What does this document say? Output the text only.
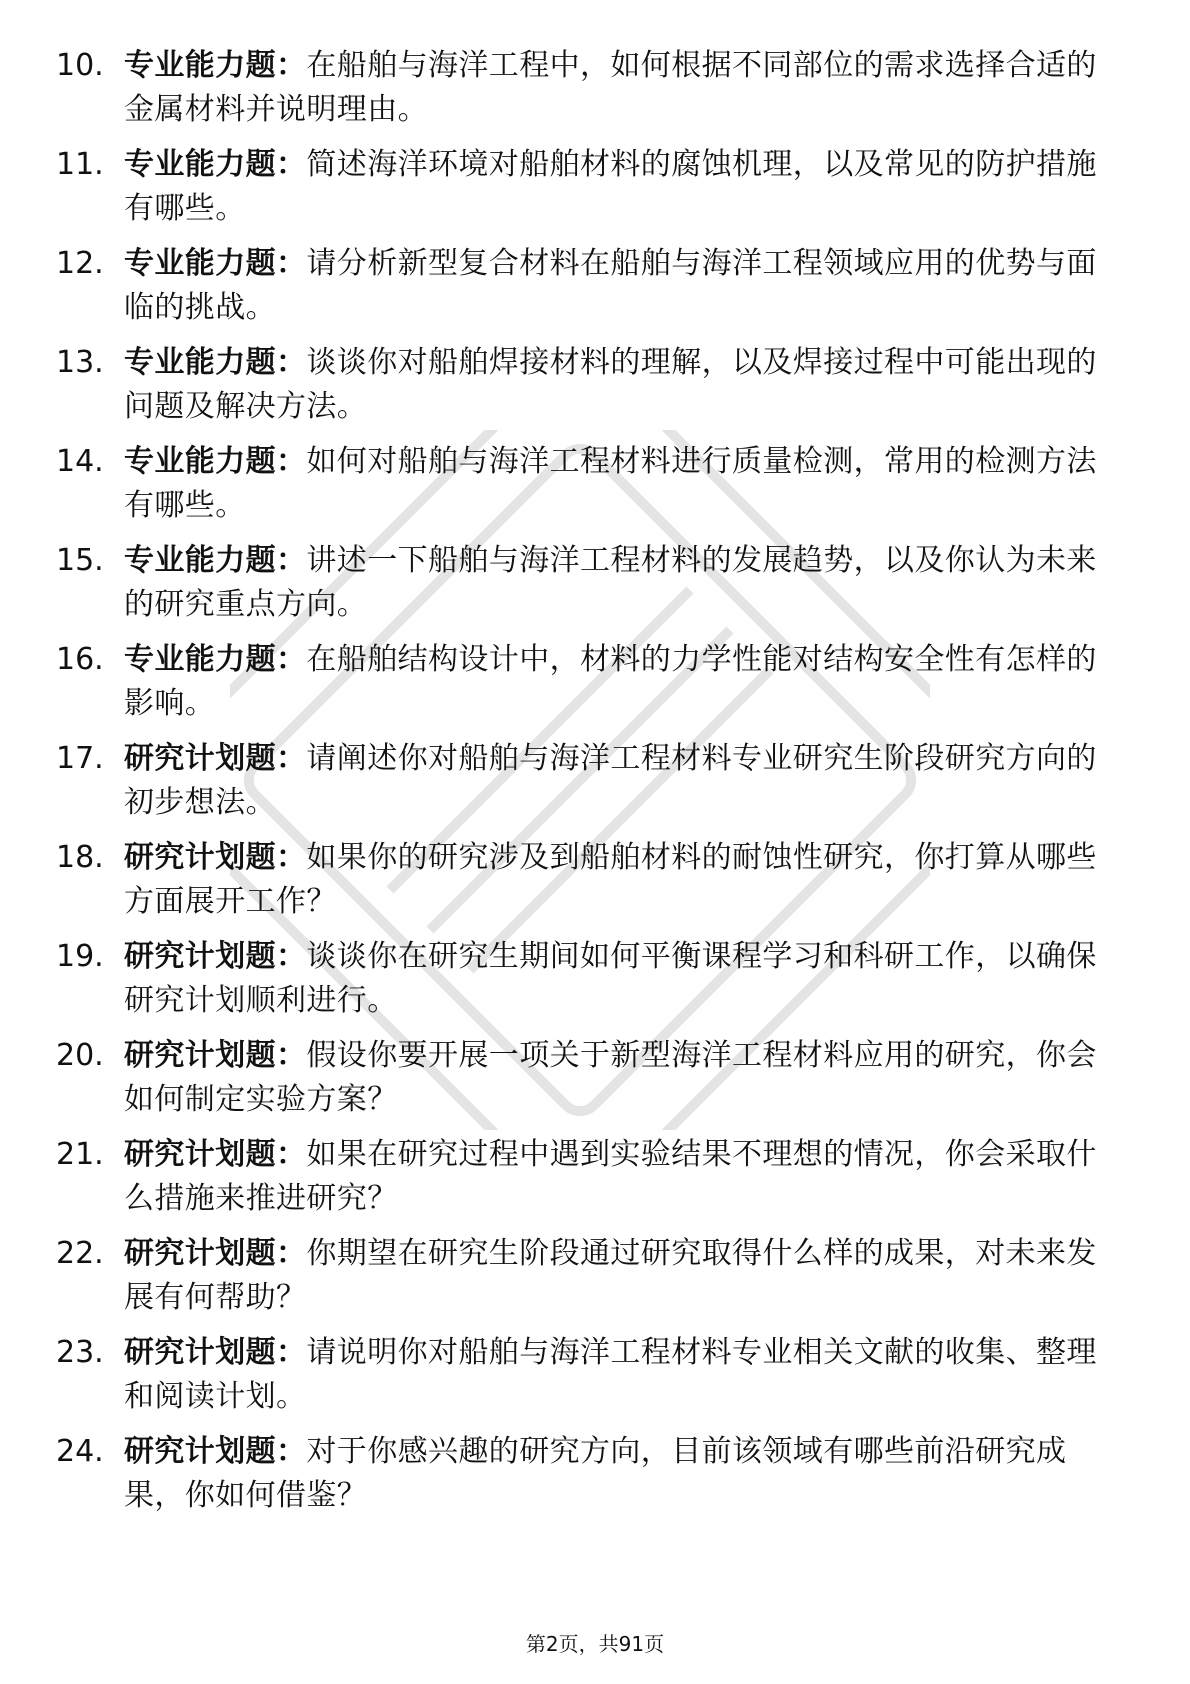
10. 专业能力题：在船舶与海洋工程中，如何根据不同部位的需求选择合适的金属材料并说明理由。
11. 专业能力题：简述海洋环境对船舶材料的腐蚀机理，以及常见的防护措施有哪些。
12. 专业能力题：请分析新型复合材料在船舶与海洋工程领域应用的优势与面临的挑战。
13. 专业能力题：谈谈你对船舶焊接材料的理解，以及焊接过程中可能出现的问题及解决方法。
14. 专业能力题：如何对船舶与海洋工程材料进行质量检测，常用的检测方法有哪些。
15. 专业能力题：讲述一下船舶与海洋工程材料的发展趋势，以及你认为未来的研究重点方向。
16. 专业能力题：在船舶结构设计中，材料的力学性能对结构安全性有怎样的影响。
17. 研究计划题：请阐述你对船舶与海洋工程材料专业研究生阶段研究方向的初步想法。
18. 研究计划题：如果你的研究涉及到船舶材料的耐蚀性研究，你打算从哪些方面展开工作？
19. 研究计划题：谈谈你在研究生期间如何平衡课程学习和科研工作，以确保研究计划顺利进行。
20. 研究计划题：假设你要开展一项关于新型海洋工程材料应用的研究，你会如何制定实验方案？
21. 研究计划题：如果在研究过程中遇到实验结果不理想的情况，你会采取什么措施来推进研究？
22. 研究计划题：你期望在研究生阶段通过研究取得什么样的成果，对未来发展有何帮助？
23. 研究计划题：请说明你对船舶与海洋工程材料专业相关文献的收集、整理和阅读计划。
24. 研究计划题：对于你感兴趣的研究方向，目前该领域有哪些前沿研究成果，你如何借鉴？
第2页，共91页
